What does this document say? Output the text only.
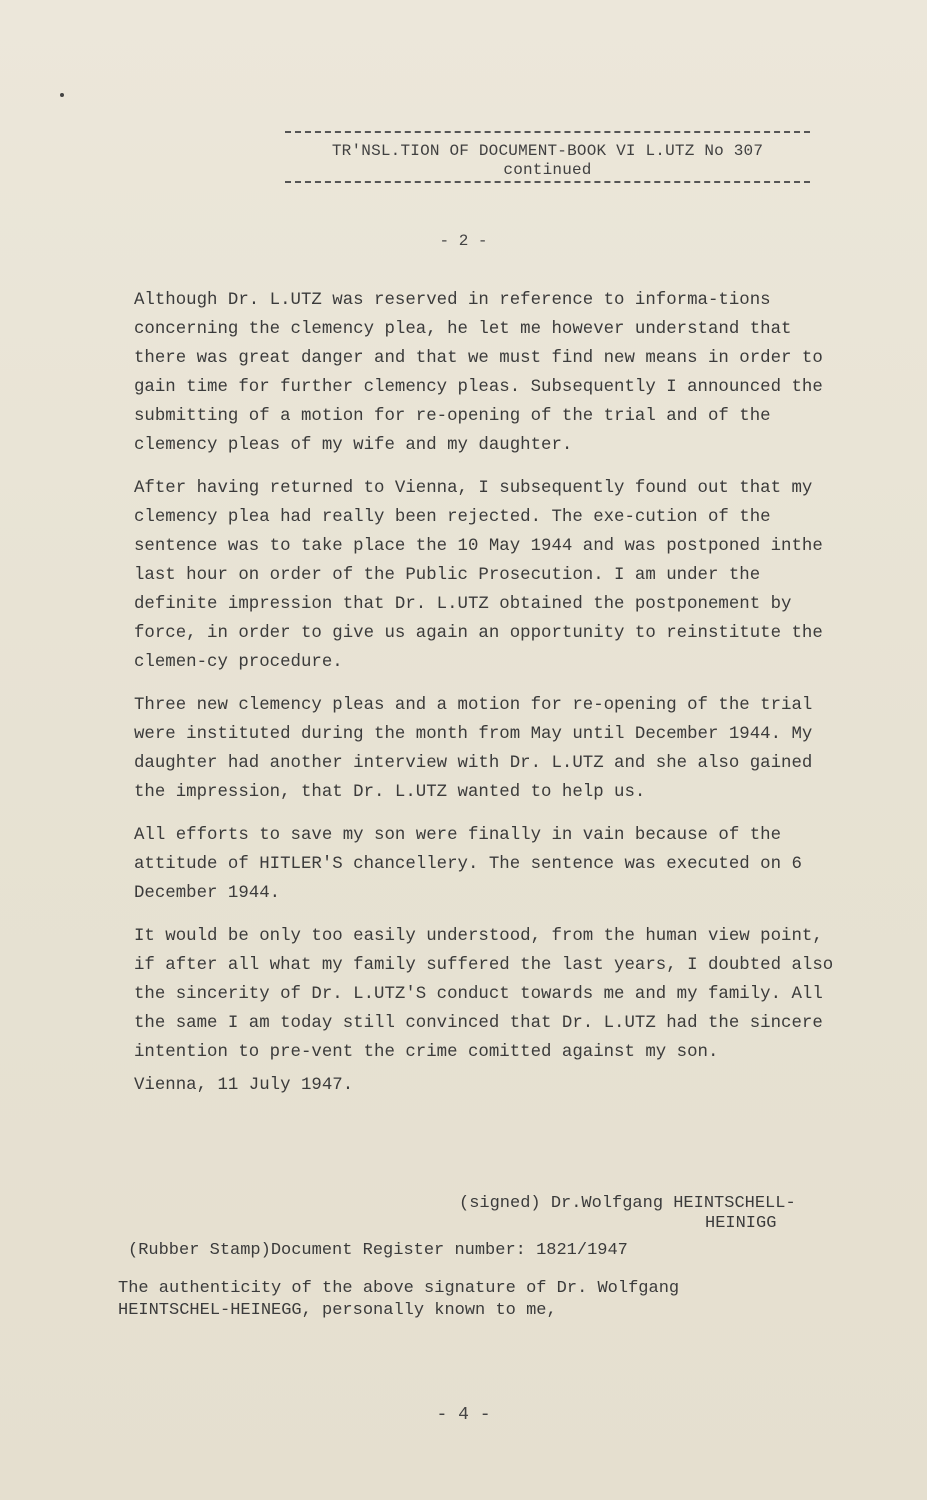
TR'NSL.TION OF DOCUMENT-BOOK VI L.UTZ No 307
continued
- 2 -

Although Dr. L.UTZ was reserved in reference to informa-tions concerning the clemency plea, he let me however understand that there was great danger and that we must find new means in order to gain time for further clemency pleas. Subsequently I announced the submitting of a motion for re-opening of the trial and of the clemency pleas of my wife and my daughter.

After having returned to Vienna, I subsequently found out that my clemency plea had really been rejected. The exe-cution of the sentence was to take place the 10 May 1944 and was postponed inthe last hour on order of the Public Prosecution. I am under the definite impression that Dr. L.UTZ obtained the postponement by force, in order to give us again an opportunity to reinstitute the clemen-cy procedure.

Three new clemency pleas and a motion for re-opening of the trial were instituted during the month from May until December 1944. My daughter had another interview with Dr. L.UTZ and she also gained the impression, that Dr. L.UTZ wanted to help us.

All efforts to save my son were finally in vain because of the attitude of HITLER'S chancellery. The sentence was executed on 6 December 1944.

It would be only too easily understood, from the human view point, if after all what my family suffered the last years, I doubted also the sincerity of Dr. L.UTZ'S conduct towards me and my family. All the same I am today still convinced that Dr. L.UTZ had the sincere intention to pre-vent the crime comitted against my son.

Vienna, 11 July 1947.

(signed) Dr.Wolfgang HEINTSCHELL-
HEINIGG
(Rubber Stamp)Document Register number: 1821/1947
The authenticity of the above signature of Dr. Wolfgang HEINTSCHEL-HEINEGG, personally known to me,
- 4 -
